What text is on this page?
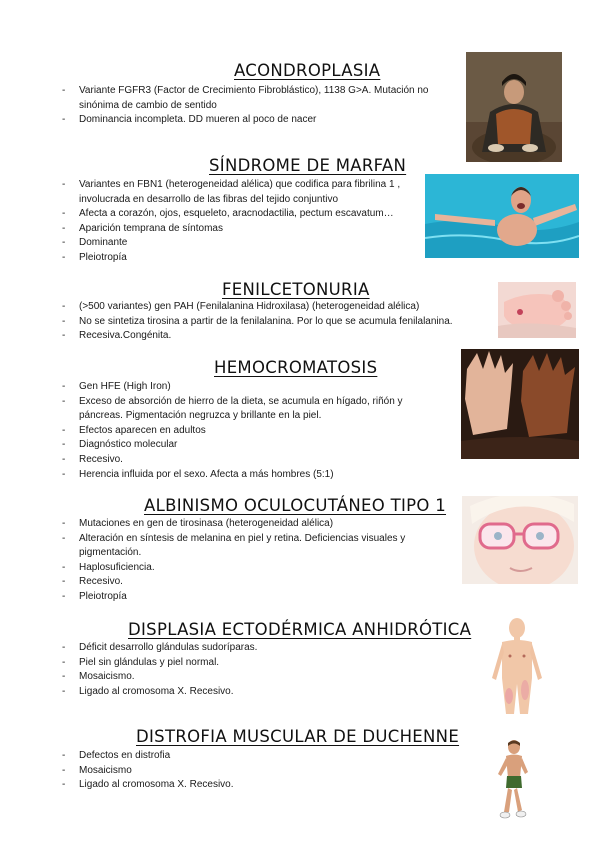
ACONDROPLASIA
- Variante FGFR3 (Factor de Crecimiento Fibroblástico), 1138 G>A. Mutación no sinónima de cambio de sentido
- Dominancia incompleta. DD mueren al poco de nacer
SÍNDROME DE MARFAN
- Variantes en FBN1 (heterogeneidad alélica) que codifica para fibrilina 1 , involucrada en desarrollo de las fibras del tejido conjuntivo
- Afecta a corazón, ojos, esqueleto, aracnodactilia, pectum escavatum…
- Aparición temprana de síntomas
- Dominante
- Pleiotropía
FENILCETONURIA
- (>500 variantes) gen PAH (Fenilalanina Hidroxilasa) (heterogeneidad alélica)
- No se sintetiza tirosina a partir de la fenilalanina. Por lo que se acumula fenilalanina.
- Recesiva.Congénita.
HEMOCROMATOSIS
- Gen HFE (High Iron)
- Exceso de absorción de hierro de la dieta, se acumula en hígado, riñón y páncreas. Pigmentación negruzca y brillante en la piel.
- Efectos aparecen en adultos
- Diagnóstico molecular
- Recesivo.
- Herencia influida por el sexo. Afecta a más hombres (5:1)
ALBINISMO OCULOCUTÁNEO TIPO 1
- Mutaciones en gen de tirosinasa (heterogeneidad alélica)
- Alteración en síntesis de melanina en piel y retina. Deficiencias visuales y pigmentación.
- Haplosuficiencia.
- Recesivo.
- Pleiotropía
DISPLASIA ECTODÉRMICA ANHIDRÓTICA
- Déficit desarrollo glándulas sudoríparas.
- Piel sin glándulas y piel normal.
- Mosaicismo.
- Ligado al cromosoma X. Recesivo.
DISTROFIA MUSCULAR DE DUCHENNE
- Defectos en distrofia
- Mosaicismo
- Ligado al cromosoma X. Recesivo.
